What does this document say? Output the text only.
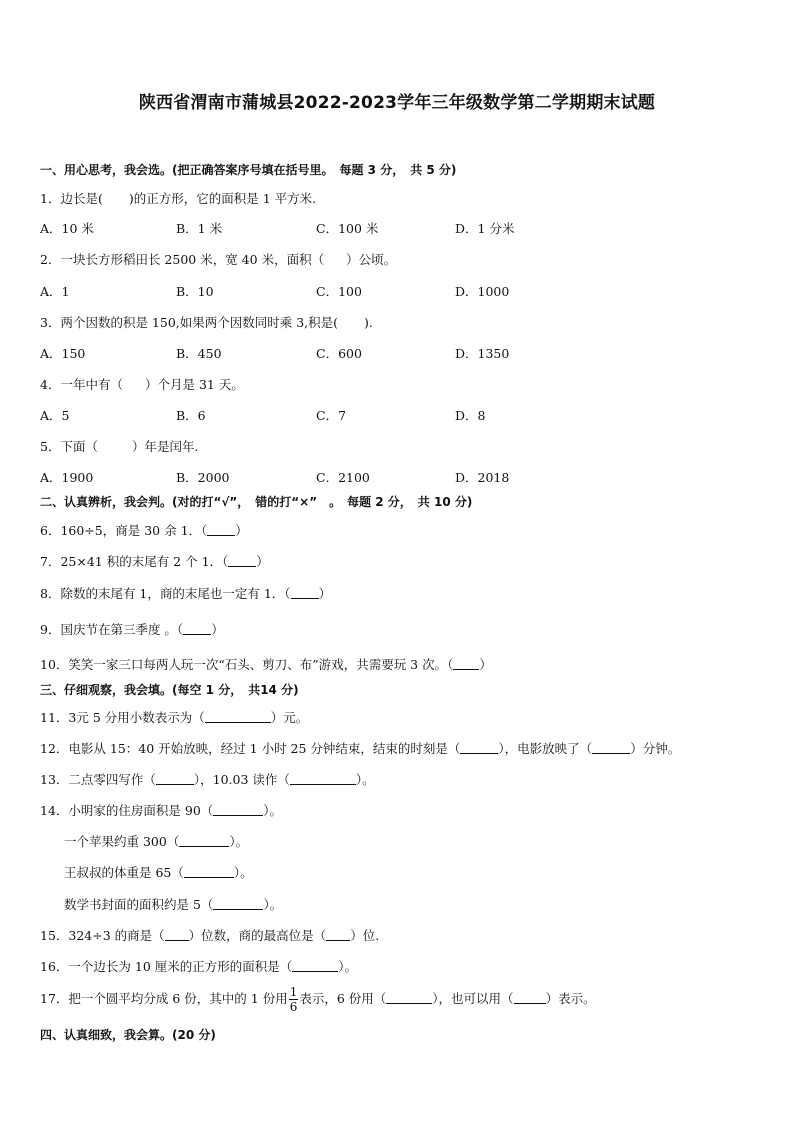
陕西省渭南市蒲城县2022-2023学年三年级数学第二学期期末试题
一、用心思考，我会选。(把正确答案序号填在括号里。　每题 3 分，　共 5 分)
1．边长是( )的正方形，它的面积是 1 平方米.
A．10 米	B．1 米	C．100 米	D．1 分米
2．一块长方形稻田长 2500 米，宽 40 米，面积（ ）公顷。
A．1	B．10	C．100	D．1000
3．两个因数的积是 150,如果两个因数同时乘 3,积是( ).
A．150	B．450	C．600	D．1350
4．一年中有（ ）个月是 31 天。
A．5	B．6	C．7	D．8
5．下面（	）年是闰年.
A．1900	B．2000	C．2100	D．2018
二、认真辨析，我会判。(对的打“√”，　错的打“×”　。　每题 2 分，　共 10 分)
6．160÷5，商是 30 余 1．（ ）
7．25×41 积的末尾有 2 个 1．（ ）
8．除数的末尾有 1，商的末尾也一定有 1．（ ）
9．国庆节在第三季度 。（ ）
10．笑笑一家三口每两人玩一次“石头、剪刀、布”游戏，共需要玩 3 次。（ ）
三、仔细观察，我会填。(每空 1 分，　共14 分)
11．3元 5 分用小数表示为（	）元。
12．电影从 15：40 开始放映，经过 1 小时 25 分钟结束，结束的时刻是（	），电影放映了（	）分钟。
13．二点零四写作（	），10.03 读作（	）。
14．小明家的住房面积是 90（	）。
一个苹果约重 300（	）。
王叔叔的体重是 65（	）。
数学书封面的面积约是 5（	）。
15．324÷3 的商是（ ）位数，商的最高位是（ ）位.
16．一个边长为 10 厘米的正方形的面积是（	）。
17．把一个圆平均分成 6 份，其中的 1 份用 $\frac{1}{6}$ 表示，6 份用（	），也可以用（	）表示。
四、认真细致，我会算。(20 分)
